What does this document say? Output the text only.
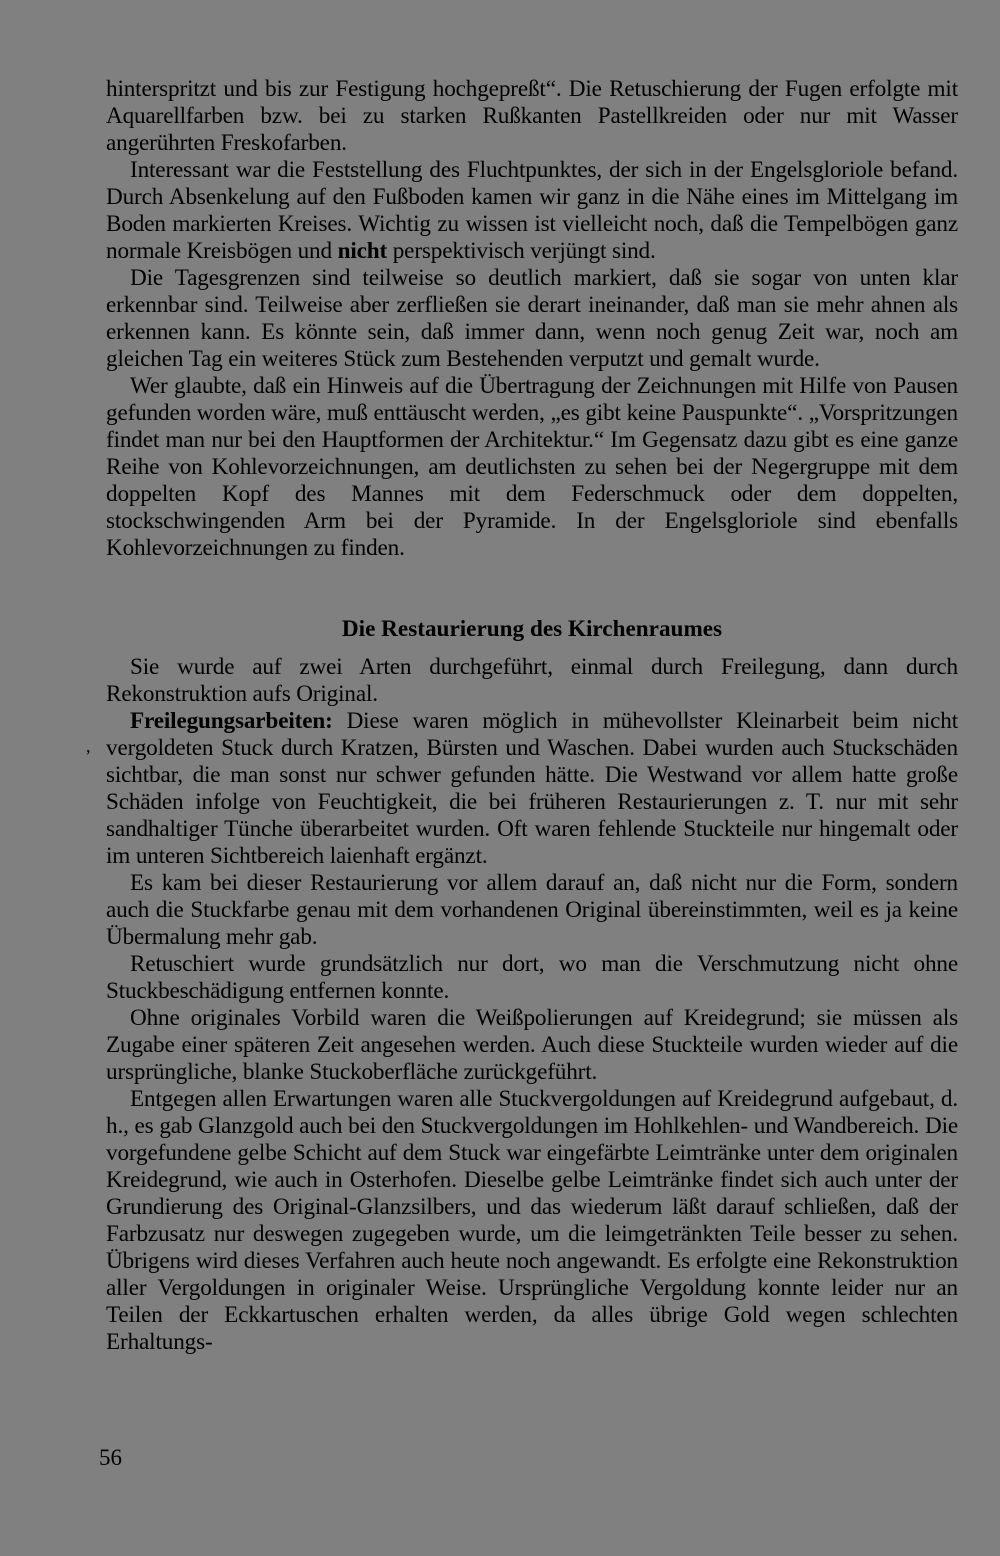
hinterspritzt und bis zur Festigung hochgepreßt“. Die Retuschierung der Fugen erfolgte mit Aquarellfarben bzw. bei zu starken Rußkanten Pastellkreiden oder nur mit Wasser angerührten Freskofarben.

Interessant war die Feststellung des Fluchtpunktes, der sich in der Engelsgloriole befand. Durch Absenkelung auf den Fußboden kamen wir ganz in die Nähe eines im Mittelgang im Boden markierten Kreises. Wichtig zu wissen ist vielleicht noch, daß die Tempelbögen ganz normale Kreisbögen und nicht perspektivisch verjüngt sind.

Die Tagesgrenzen sind teilweise so deutlich markiert, daß sie sogar von unten klar erkennbar sind. Teilweise aber zerfließen sie derart ineinander, daß man sie mehr ahnen als erkennen kann. Es könnte sein, daß immer dann, wenn noch genug Zeit war, noch am gleichen Tag ein weiteres Stück zum Bestehenden verputzt und gemalt wurde.

Wer glaubte, daß ein Hinweis auf die Übertragung der Zeichnungen mit Hilfe von Pausen gefunden worden wäre, muß enttäuscht werden, „es gibt keine Pauspunkte“. „Vorspritzungen findet man nur bei den Hauptformen der Architektur.“ Im Gegensatz dazu gibt es eine ganze Reihe von Kohlevorzeichnungen, am deutlichsten zu sehen bei der Negergruppe mit dem doppelten Kopf des Mannes mit dem Federschmuck oder dem doppelten, stockschwingenden Arm bei der Pyramide. In der Engelsgloriole sind ebenfalls Kohlevorzeichnungen zu finden.

Die Restaurierung des Kirchenraumes

Sie wurde auf zwei Arten durchgeführt, einmal durch Freilegung, dann durch Rekonstruktion aufs Original.

Freilegungsarbeiten: Diese waren möglich in mühevollster Kleinarbeit beim nicht vergoldeten Stuck durch Kratzen, Bürsten und Waschen. Dabei wurden auch Stuckschäden sichtbar, die man sonst nur schwer gefunden hätte. Die Westwand vor allem hatte große Schäden infolge von Feuchtigkeit, die bei früheren Restaurierungen z. T. nur mit sehr sandhaltiger Tünche überarbeitet wurden. Oft waren fehlende Stuckteile nur hingemalt oder im unteren Sichtbereich laienhaft ergänzt.

Es kam bei dieser Restaurierung vor allem darauf an, daß nicht nur die Form, sondern auch die Stuckfarbe genau mit dem vorhandenen Original übereinstimmten, weil es ja keine Übermalung mehr gab.

Retuschiert wurde grundsätzlich nur dort, wo man die Verschmutzung nicht ohne Stuckbeschädigung entfernen konnte.

Ohne originales Vorbild waren die Weißpolierungen auf Kreidegrund; sie müssen als Zugabe einer späteren Zeit angesehen werden. Auch diese Stuckteile wurden wieder auf die ursprüngliche, blanke Stuckoberfläche zurückgeführt.

Entgegen allen Erwartungen waren alle Stuckvergoldungen auf Kreidegrund aufgebaut, d. h., es gab Glanzgold auch bei den Stuckvergoldungen im Hohlkehlen- und Wandbereich. Die vorgefundene gelbe Schicht auf dem Stuck war eingefärbte Leimtränke unter dem originalen Kreidegrund, wie auch in Osterhofen. Dieselbe gelbe Leimtränke findet sich auch unter der Grundierung des Original-Glanzsilbers, und das wiederum läßt darauf schließen, daß der Farbzusatz nur deswegen zugegeben wurde, um die leimgetränkten Teile besser zu sehen. Übrigens wird dieses Verfahren auch heute noch angewandt. Es erfolgte eine Rekonstruktion aller Vergoldungen in originaler Weise. Ursprüngliche Vergoldung konnte leider nur an Teilen der Eckkartuschen erhalten werden, da alles übrige Gold wegen schlechten Erhaltungs-

,
56
